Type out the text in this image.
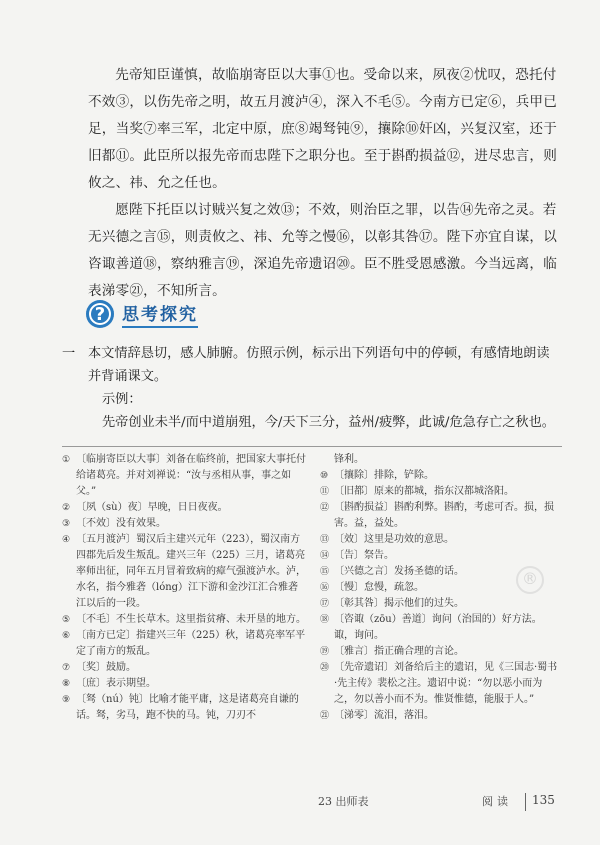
先帝知臣谨慎，故临崩寄臣以大事①也。受命以来，夙夜②忧叹，恐托付不效③，以伤先帝之明，故五月渡泸④，深入不毛⑤。今南方已定⑥，兵甲已足，当奖⑦率三军，北定中原，庶⑧竭驽钝⑨，攘除⑩奸凶，兴复汉室，还于旧都⑪。此臣所以报先帝而忠陛下之职分也。至于斟酌损益⑫，进尽忠言，则攸之、祎、允之任也。

愿陛下托臣以讨贼兴复之效⑬；不效，则治臣之罪，以告⑭先帝之灵。若无兴德之言⑮，则责攸之、祎、允等之慢⑯，以彰其咎⑰。陛下亦宜自谋，以咨诹善道⑱，察纳雅言⑲，深追先帝遗诏⑳。臣不胜受恩感激。今当远离，临表涕零㉑，不知所言。

? 思考探究
一 本文情辞恳切，感人肺腑。仿照示例，标示出下列语句中的停顿，有感情地朗读并背诵课文。
示例：
先帝创业未半/而中道崩殂，今/天下三分，益州/疲弊，此诚/危急存亡之秋也。

① 〔临崩寄臣以大事〕刘备在临终前，把国家大事托付给诸葛亮。并对刘禅说：“汝与丞相从事，事之如父。”

② 〔夙（sù）夜〕早晚，日日夜夜。

③ 〔不效〕没有效果。

④ 〔五月渡泸〕蜀汉后主建兴元年（223），蜀汉南方四郡先后发生叛乱。建兴三年（225）三月，诸葛亮率师出征，同年五月冒着致病的瘴气强渡泸水。泸，水名，指今雅砻（lóng）江下游和金沙江汇合雅砻江以后的一段。

⑤ 〔不毛〕不生长草木。这里指贫瘠、未开垦的地方。

⑥ 〔南方已定〕指建兴三年（225）秋，诸葛亮率军平定了南方的叛乱。

⑦ 〔奖〕鼓励。

⑧ 〔庶〕表示期望。

⑨ 〔驽（nú）钝〕比喻才能平庸，这是诸葛亮自谦的话。驽，劣马，跑不快的马。钝，刀刃不

锋利。

⑩ 〔攘除〕排除，铲除。

⑪ 〔旧都〕原来的都城，指东汉都城洛阳。

⑫ 〔斟酌损益〕斟酌利弊。斟酌，考虑可否。损，损害。益，益处。

⑬ 〔效〕这里是功效的意思。

⑭ 〔告〕祭告。

⑮ 〔兴德之言〕发扬圣德的话。

⑯ 〔慢〕怠慢，疏忽。

⑰ 〔彰其咎〕揭示他们的过失。

⑱ 〔咨诹（zōu）善道〕询问（治国的）好方法。诹，询问。

⑲ 〔雅言〕指正确合理的言论。

⑳ 〔先帝遗诏〕刘备给后主的遗诏，见《三国志·蜀书·先主传》裴松之注。遗诏中说：“勿以恶小而为之，勿以善小而不为。惟贤惟德，能服于人。”

㉑ 〔涕零〕流泪，落泪。

®
23 出师表	阅读 135
